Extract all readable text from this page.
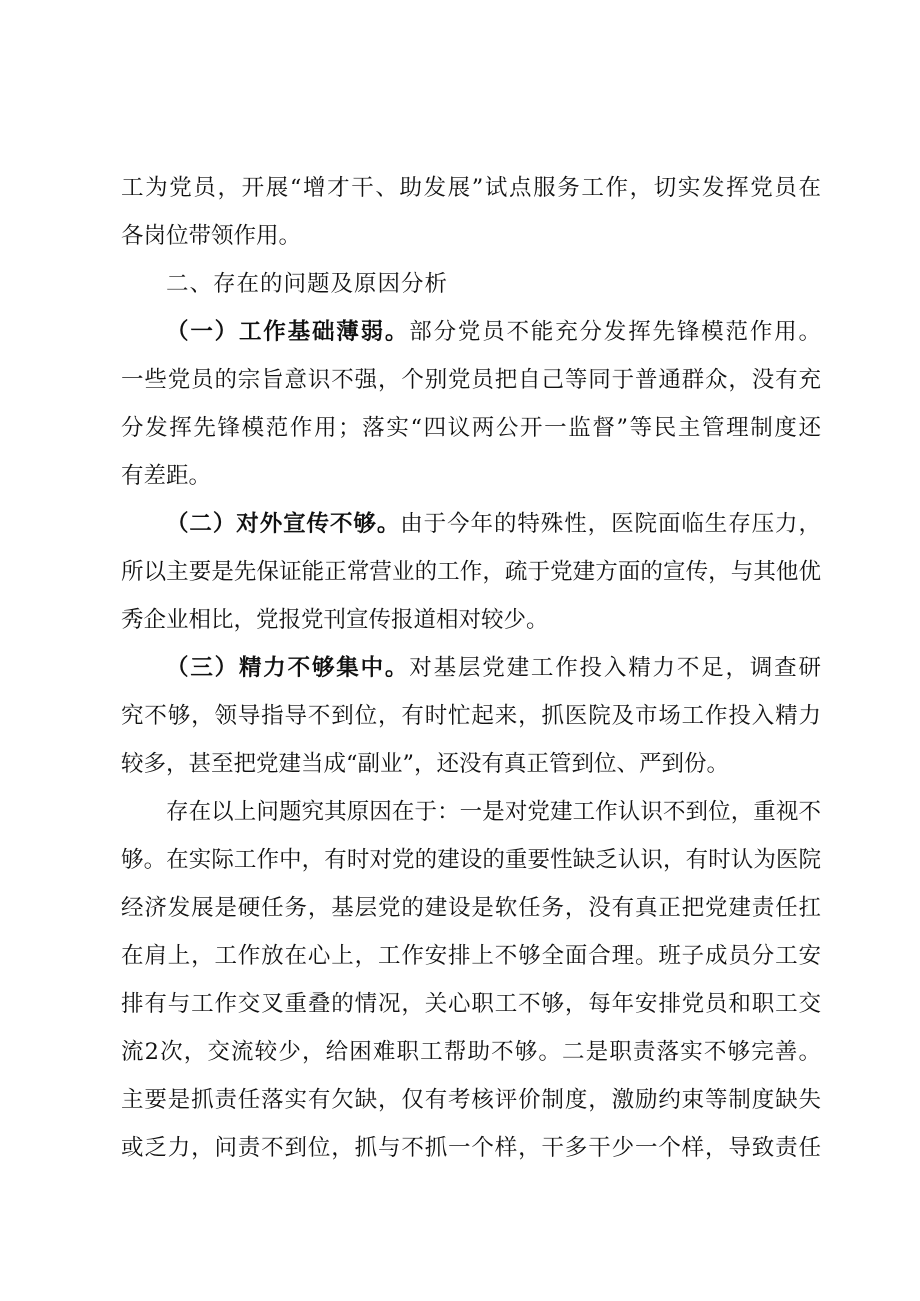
工为党员，开展“增才干、助发展”试点服务工作，切实发挥党员在
各岗位带领作用。
二、存在的问题及原因分析
（一）工作基础薄弱。部分党员不能充分发挥先锋模范作用。
一些党员的宗旨意识不强，个别党员把自己等同于普通群众，没有充
分发挥先锋模范作用；落实“四议两公开一监督”等民主管理制度还
有差距。
（二）对外宣传不够。由于今年的特殊性，医院面临生存压力，
所以主要是先保证能正常营业的工作，疏于党建方面的宣传，与其他优
秀企业相比，党报党刊宣传报道相对较少。
（三）精力不够集中。对基层党建工作投入精力不足，调查研
究不够，领导指导不到位，有时忙起来，抓医院及市场工作投入精力
较多，甚至把党建当成“副业”，还没有真正管到位、严到份。
存在以上问题究其原因在于：一是对党建工作认识不到位，重视不
够。在实际工作中，有时对党的建设的重要性缺乏认识，有时认为医院
经济发展是硬任务，基层党的建设是软任务，没有真正把党建责任扛
在肩上，工作放在心上，工作安排上不够全面合理。班子成员分工安
排有与工作交叉重叠的情况，关心职工不够，每年安排党员和职工交
流2次，交流较少，给困难职工帮助不够。二是职责落实不够完善。
主要是抓责任落实有欠缺，仅有考核评价制度，激励约束等制度缺失
或乏力，问责不到位，抓与不抓一个样，干多干少一个样，导致责任
